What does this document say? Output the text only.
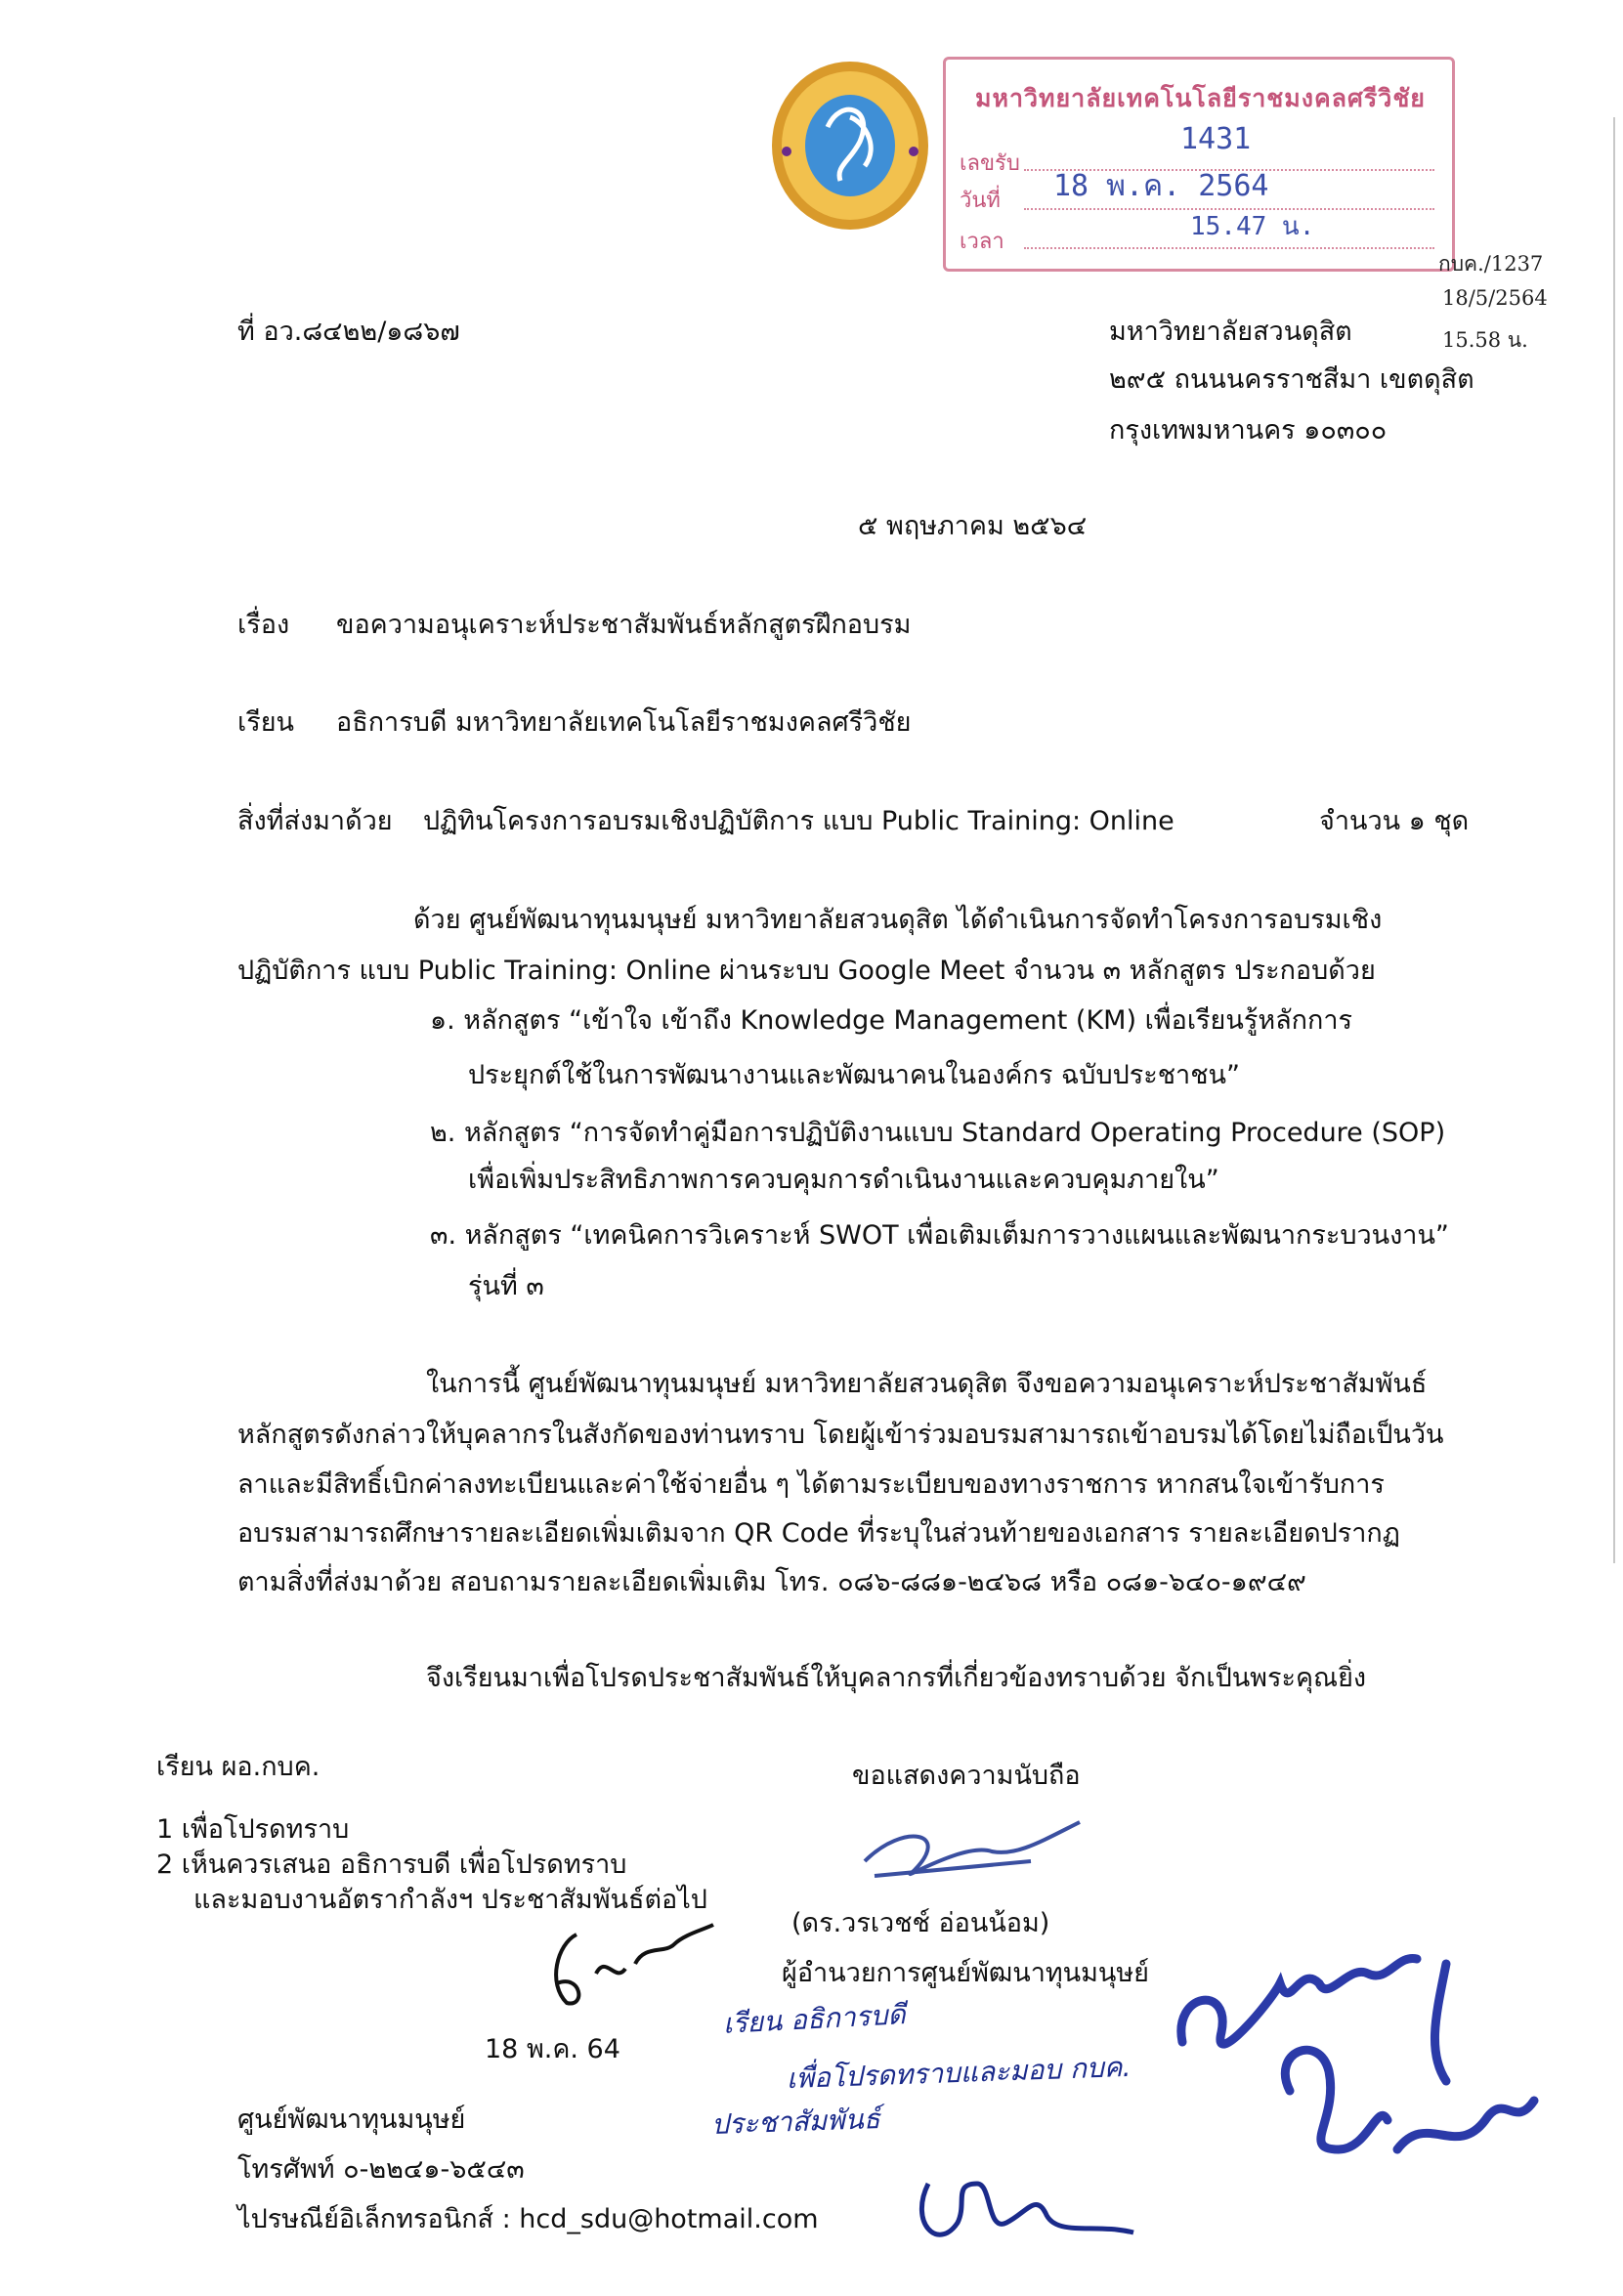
มหาวิทยาลัยเทคโนโลยีราชมงคลศรีวิชัย
เลขรับ
1431
วันที่ 18 พ.ค. 2564
เวลา
15.47 น.
กบค./1237
18/5/2564
15.58 น.
ที่ อว.๘๔๒๒/๑๘๖๗	มหาวิทยาลัยสวนดุสิต
๒๙๕ ถนนนครราชสีมา เขตดุสิต
กรุงเทพมหานคร ๑๐๓๐๐
๕ พฤษภาคม ๒๕๖๔
เรื่อง ขอความอนุเคราะห์ประชาสัมพันธ์หลักสูตรฝึกอบรม
เรียน อธิการบดี มหาวิทยาลัยเทคโนโลยีราชมงคลศรีวิชัย
สิ่งที่ส่งมาด้วย ปฏิทินโครงการอบรมเชิงปฏิบัติการ แบบ Public Training: Online	จำนวน ๑ ชุด
ด้วย ศูนย์พัฒนาทุนมนุษย์ มหาวิทยาลัยสวนดุสิต ได้ดำเนินการจัดทำโครงการอบรมเชิง
ปฏิบัติการ แบบ Public Training: Online ผ่านระบบ Google Meet จำนวน ๓ หลักสูตร ประกอบด้วย
๑. หลักสูตร “เข้าใจ เข้าถึง Knowledge Management (KM) เพื่อเรียนรู้หลักการ
ประยุกต์ใช้ในการพัฒนางานและพัฒนาคนในองค์กร ฉบับประชาชน”
๒. หลักสูตร “การจัดทำคู่มือการปฏิบัติงานแบบ Standard Operating Procedure (SOP)
เพื่อเพิ่มประสิทธิภาพการควบคุมการดำเนินงานและควบคุมภายใน”
๓. หลักสูตร “เทคนิคการวิเคราะห์ SWOT เพื่อเติมเต็มการวางแผนและพัฒนากระบวนงาน”
รุ่นที่ ๓
ในการนี้ ศูนย์พัฒนาทุนมนุษย์ มหาวิทยาลัยสวนดุสิต จึงขอความอนุเคราะห์ประชาสัมพันธ์
หลักสูตรดังกล่าวให้บุคลากรในสังกัดของท่านทราบ โดยผู้เข้าร่วมอบรมสามารถเข้าอบรมได้โดยไม่ถือเป็นวัน
ลาและมีสิทธิ์เบิกค่าลงทะเบียนและค่าใช้จ่ายอื่น ๆ ได้ตามระเบียบของทางราชการ หากสนใจเข้ารับการ
อบรมสามารถศึกษารายละเอียดเพิ่มเติมจาก QR Code ที่ระบุในส่วนท้ายของเอกสาร รายละเอียดปรากฏ
ตามสิ่งที่ส่งมาด้วย สอบถามรายละเอียดเพิ่มเติม โทร. ๐๘๖-๘๘๑-๒๔๖๘ หรือ ๐๘๑-๖๔๐-๑๙๔๙
จึงเรียนมาเพื่อโปรดประชาสัมพันธ์ให้บุคลากรที่เกี่ยวข้องทราบด้วย จักเป็นพระคุณยิ่ง
เรียน ผอ.กบค.
1 เพื่อโปรดทราบ
2 เห็นควรเสนอ อธิการบดี เพื่อโปรดทราบ
และมอบงานอัตรากำลังฯ ประชาสัมพันธ์ต่อไป
18 พ.ค. 64
ขอแสดงความนับถือ
(ดร.วรเวชช์ อ่อนน้อม)
ผู้อำนวยการศูนย์พัฒนาทุนมนุษย์
เรียน อธิการบดี
เพื่อโปรดทราบและมอบ กบค.
ประชาสัมพันธ์
ศูนย์พัฒนาทุนมนุษย์
โทรศัพท์ ๐-๒๒๔๑-๖๕๔๓
ไปรษณีย์อิเล็กทรอนิกส์ : hcd_sdu@hotmail.com
